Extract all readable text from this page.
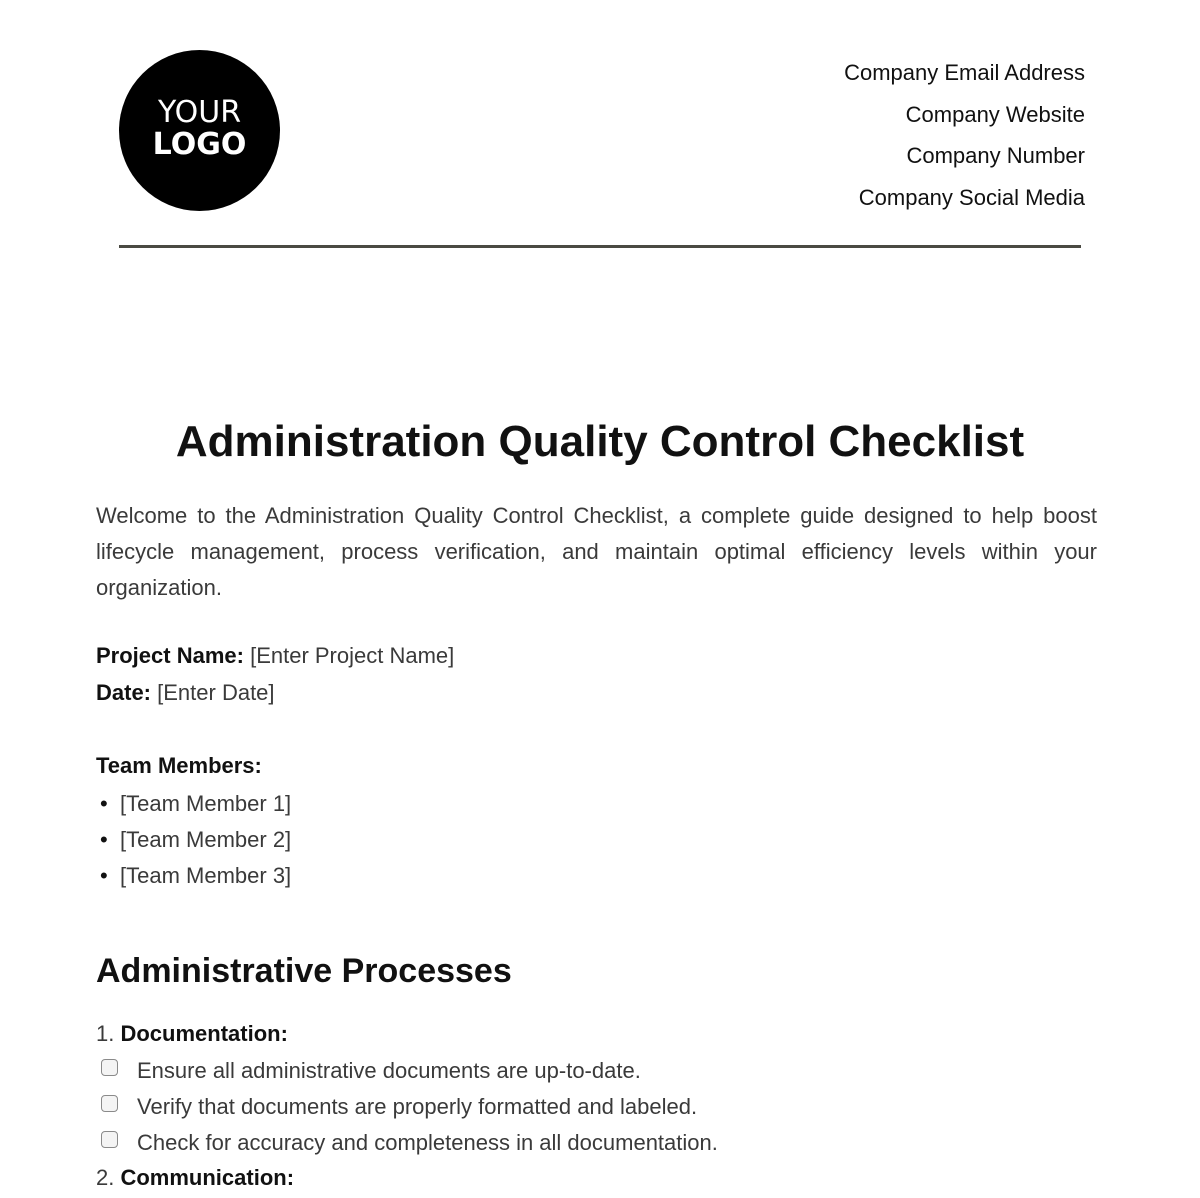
YOUR
LOGO
Company Email Address
Company Website
Company Number
Company Social Media
Administration Quality Control Checklist

Welcome to the Administration Quality Control Checklist, a complete guide designed to help boost lifecycle management, process verification, and maintain optimal efficiency levels within your organization.

Project Name: [Enter Project Name]
Date: [Enter Date]
Team Members:
• [Team Member 1]
• [Team Member 2]
• [Team Member 3]
Administrative Processes
1. Documentation:
Ensure all administrative documents are up-to-date.
Verify that documents are properly formatted and labeled.
Check for accuracy and completeness in all documentation.
2. Communication:
